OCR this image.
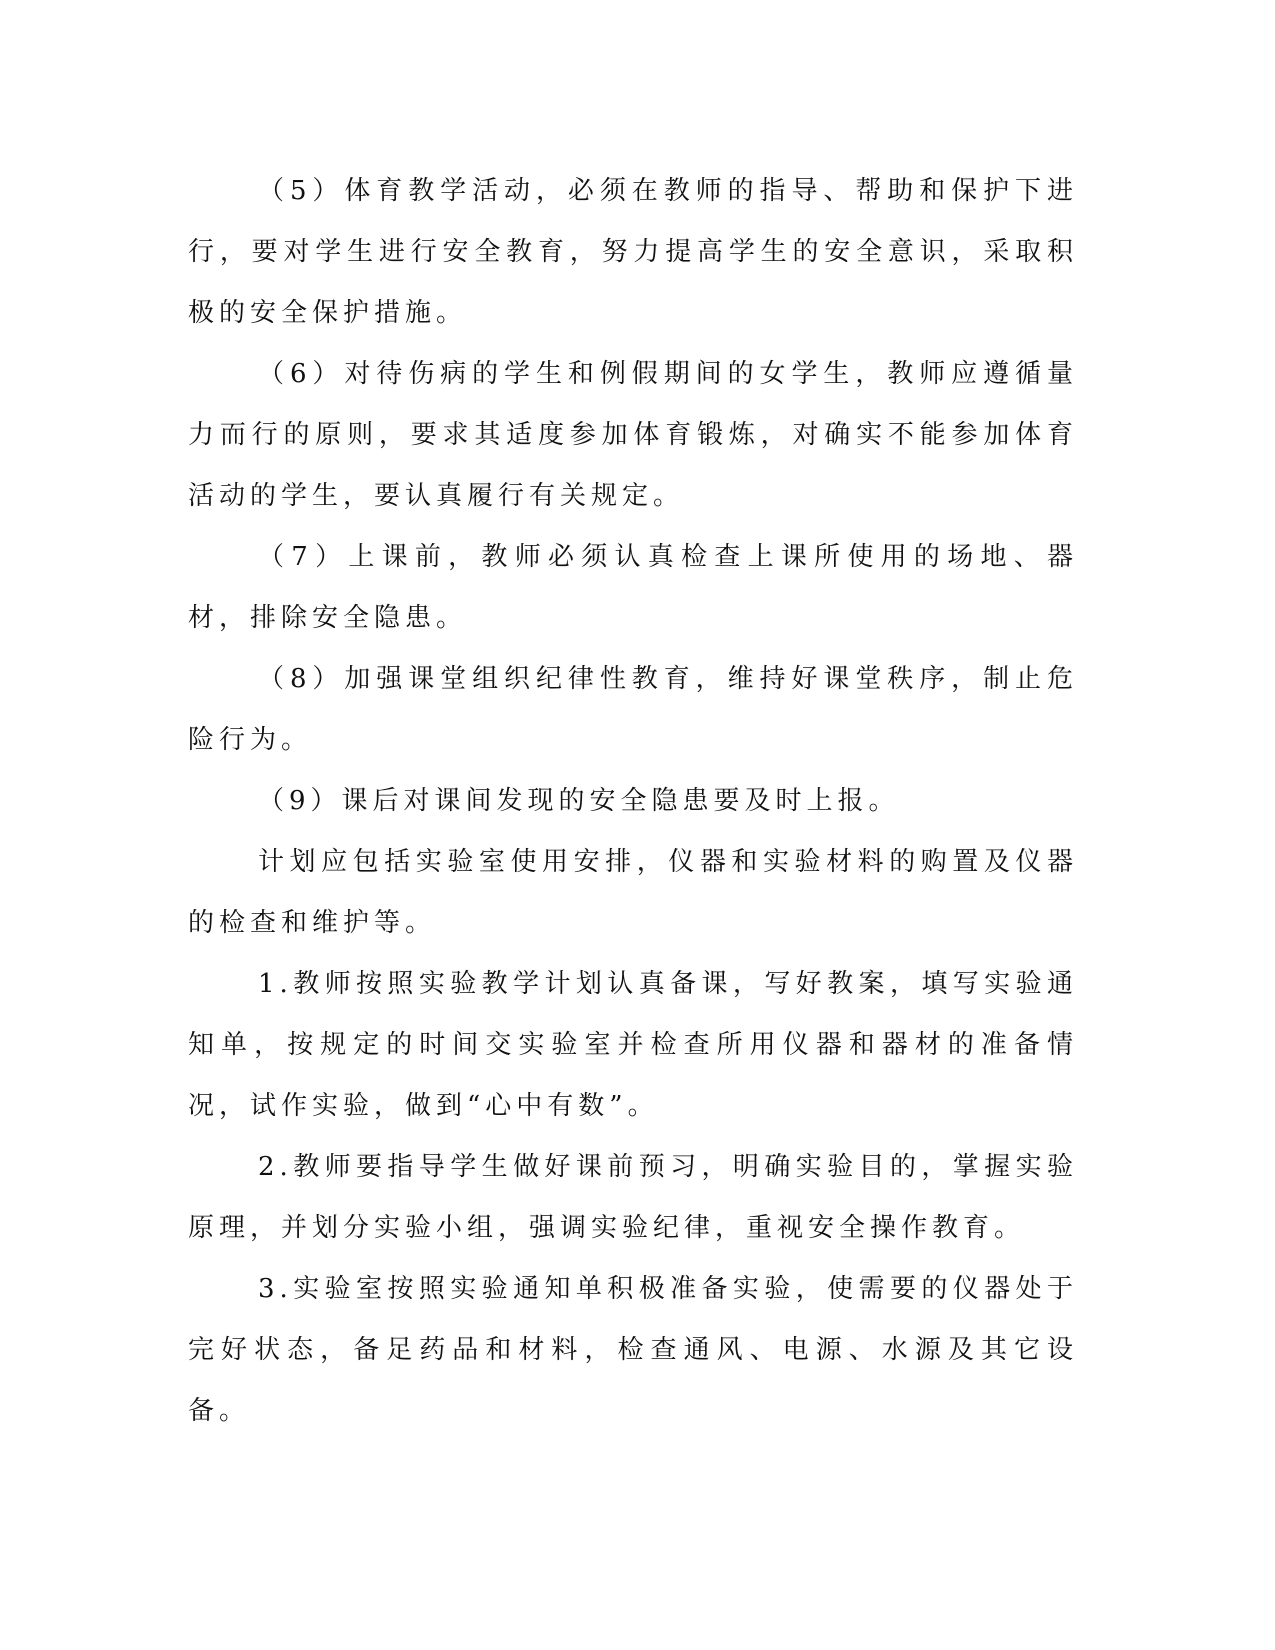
（5）体育教学活动，必须在教师的指导、帮助和保护下进行，要对学生进行安全教育，努力提高学生的安全意识，采取积极的安全保护措施。

（6）对待伤病的学生和例假期间的女学生，教师应遵循量力而行的原则，要求其适度参加体育锻炼，对确实不能参加体育活动的学生，要认真履行有关规定。

（7）上课前，教师必须认真检查上课所使用的场地、器材，排除安全隐患。

（8）加强课堂组织纪律性教育，维持好课堂秩序，制止危险行为。

（9）课后对课间发现的安全隐患要及时上报。

计划应包括实验室使用安排，仪器和实验材料的购置及仪器的检查和维护等。

1.教师按照实验教学计划认真备课，写好教案，填写实验通知单，按规定的时间交实验室并检查所用仪器和器材的准备情况，试作实验，做到“心中有数”。

2.教师要指导学生做好课前预习，明确实验目的，掌握实验原理，并划分实验小组，强调实验纪律，重视安全操作教育。

3.实验室按照实验通知单积极准备实验，使需要的仪器处于完好状态，备足药品和材料，检查通风、电源、水源及其它设备。
